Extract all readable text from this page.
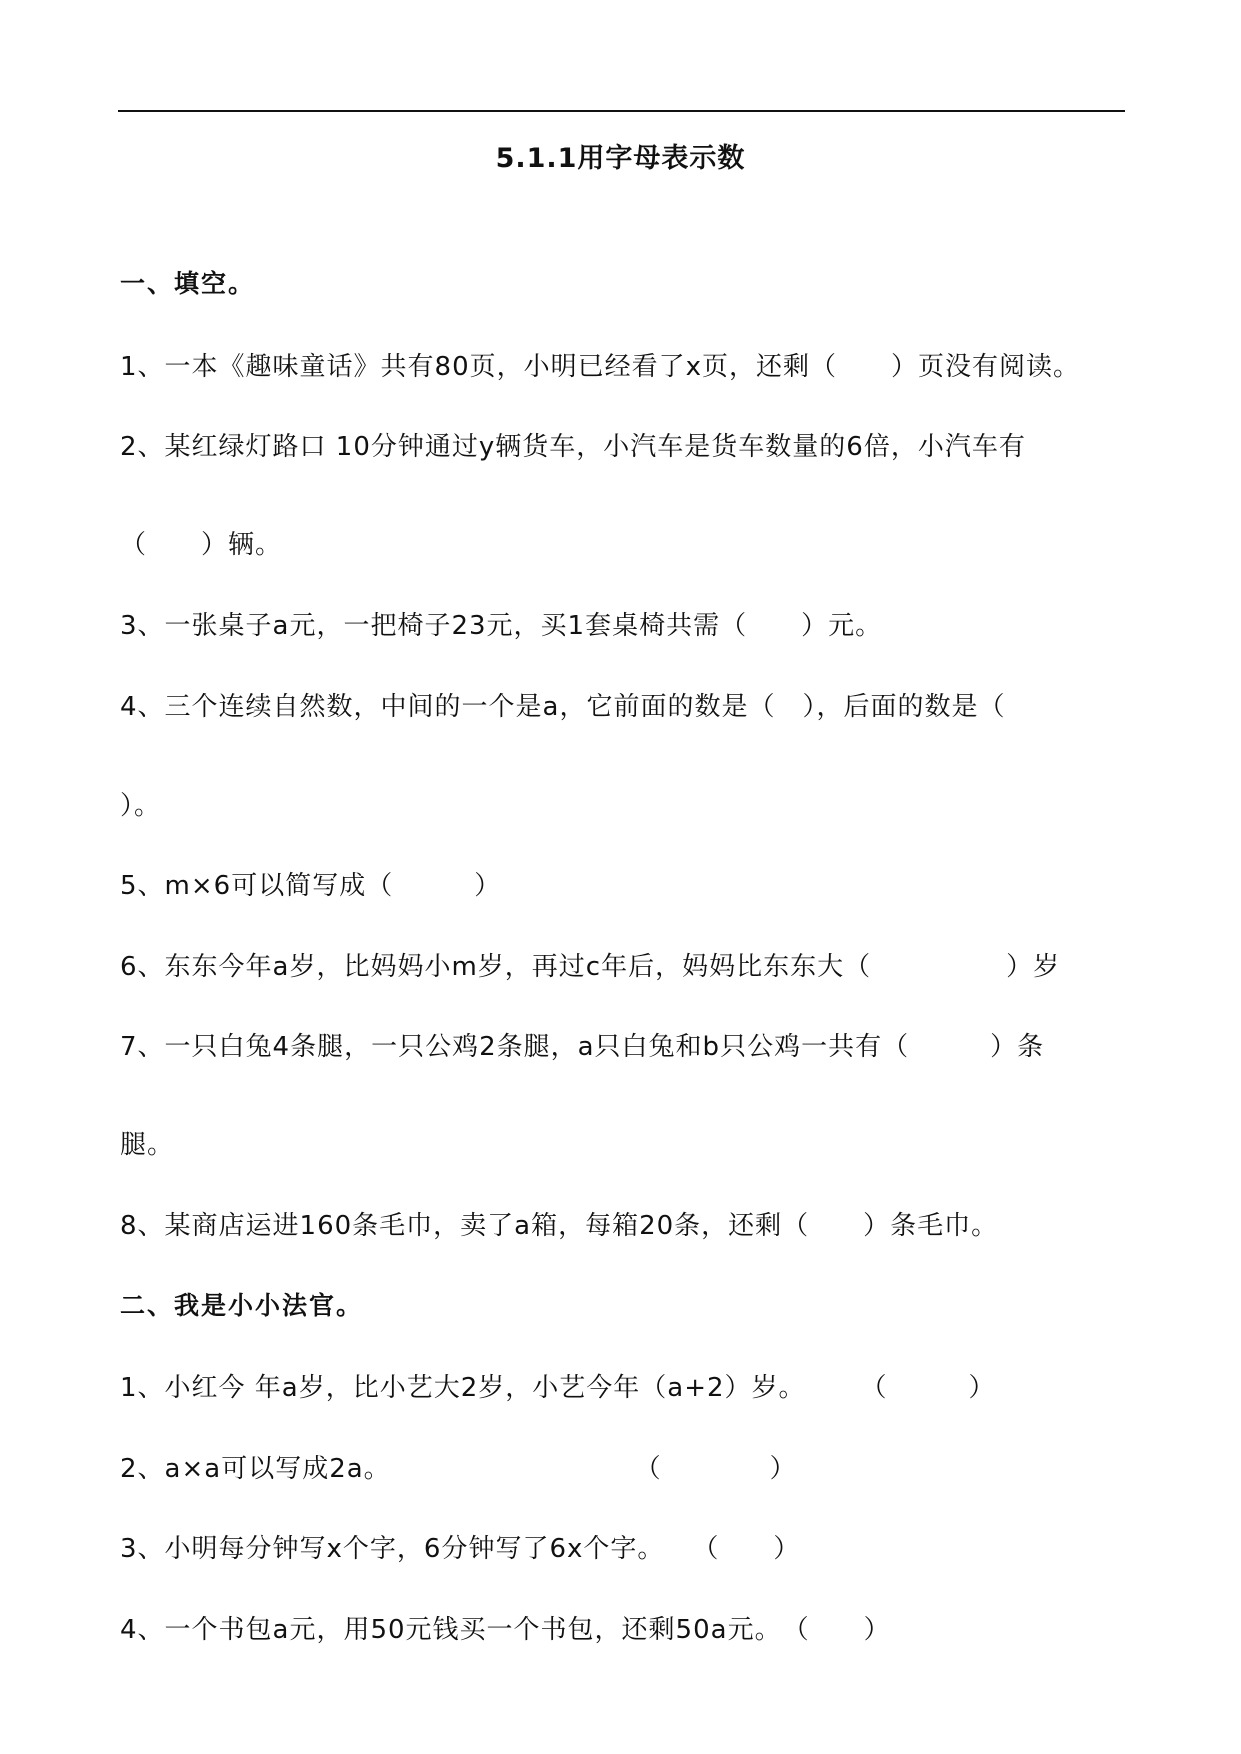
5.1.1用字母表示数
一、填空。
1、一本《趣味童话》共有80页，小明已经看了x页，还剩（　　）页没有阅读。
2、某红绿灯路口 10分钟通过y辆货车，小汽车是货车数量的6倍，小汽车有
（　　）辆。
3、一张桌子a元，一把椅子23元，买1套桌椅共需（　　）元。
4、三个连续自然数，中间的一个是a，它前面的数是（　），后面的数是（
）。
5、m×6可以简写成（　　　）
6、东东今年a岁，比妈妈小m岁，再过c年后，妈妈比东东大（　　　　　）岁
7、一只白兔4条腿，一只公鸡2条腿，a只白兔和b只公鸡一共有（　　　）条
腿。
8、某商店运进160条毛巾，卖了a箱，每箱20条，还剩（　　）条毛巾。
二、我是小小法官。
1、小红今 年a岁，比小艺大2岁，小艺今年（a+2）岁。　　　（　　　）
2、a×a可以写成2a。　　　　　　　　　　（　　　　）
3、小明每分钟写x个字，6分钟写了6x个字。　　（　　）
4、一个书包a元，用50元钱买一个书包，还剩50a元。　（　　）
